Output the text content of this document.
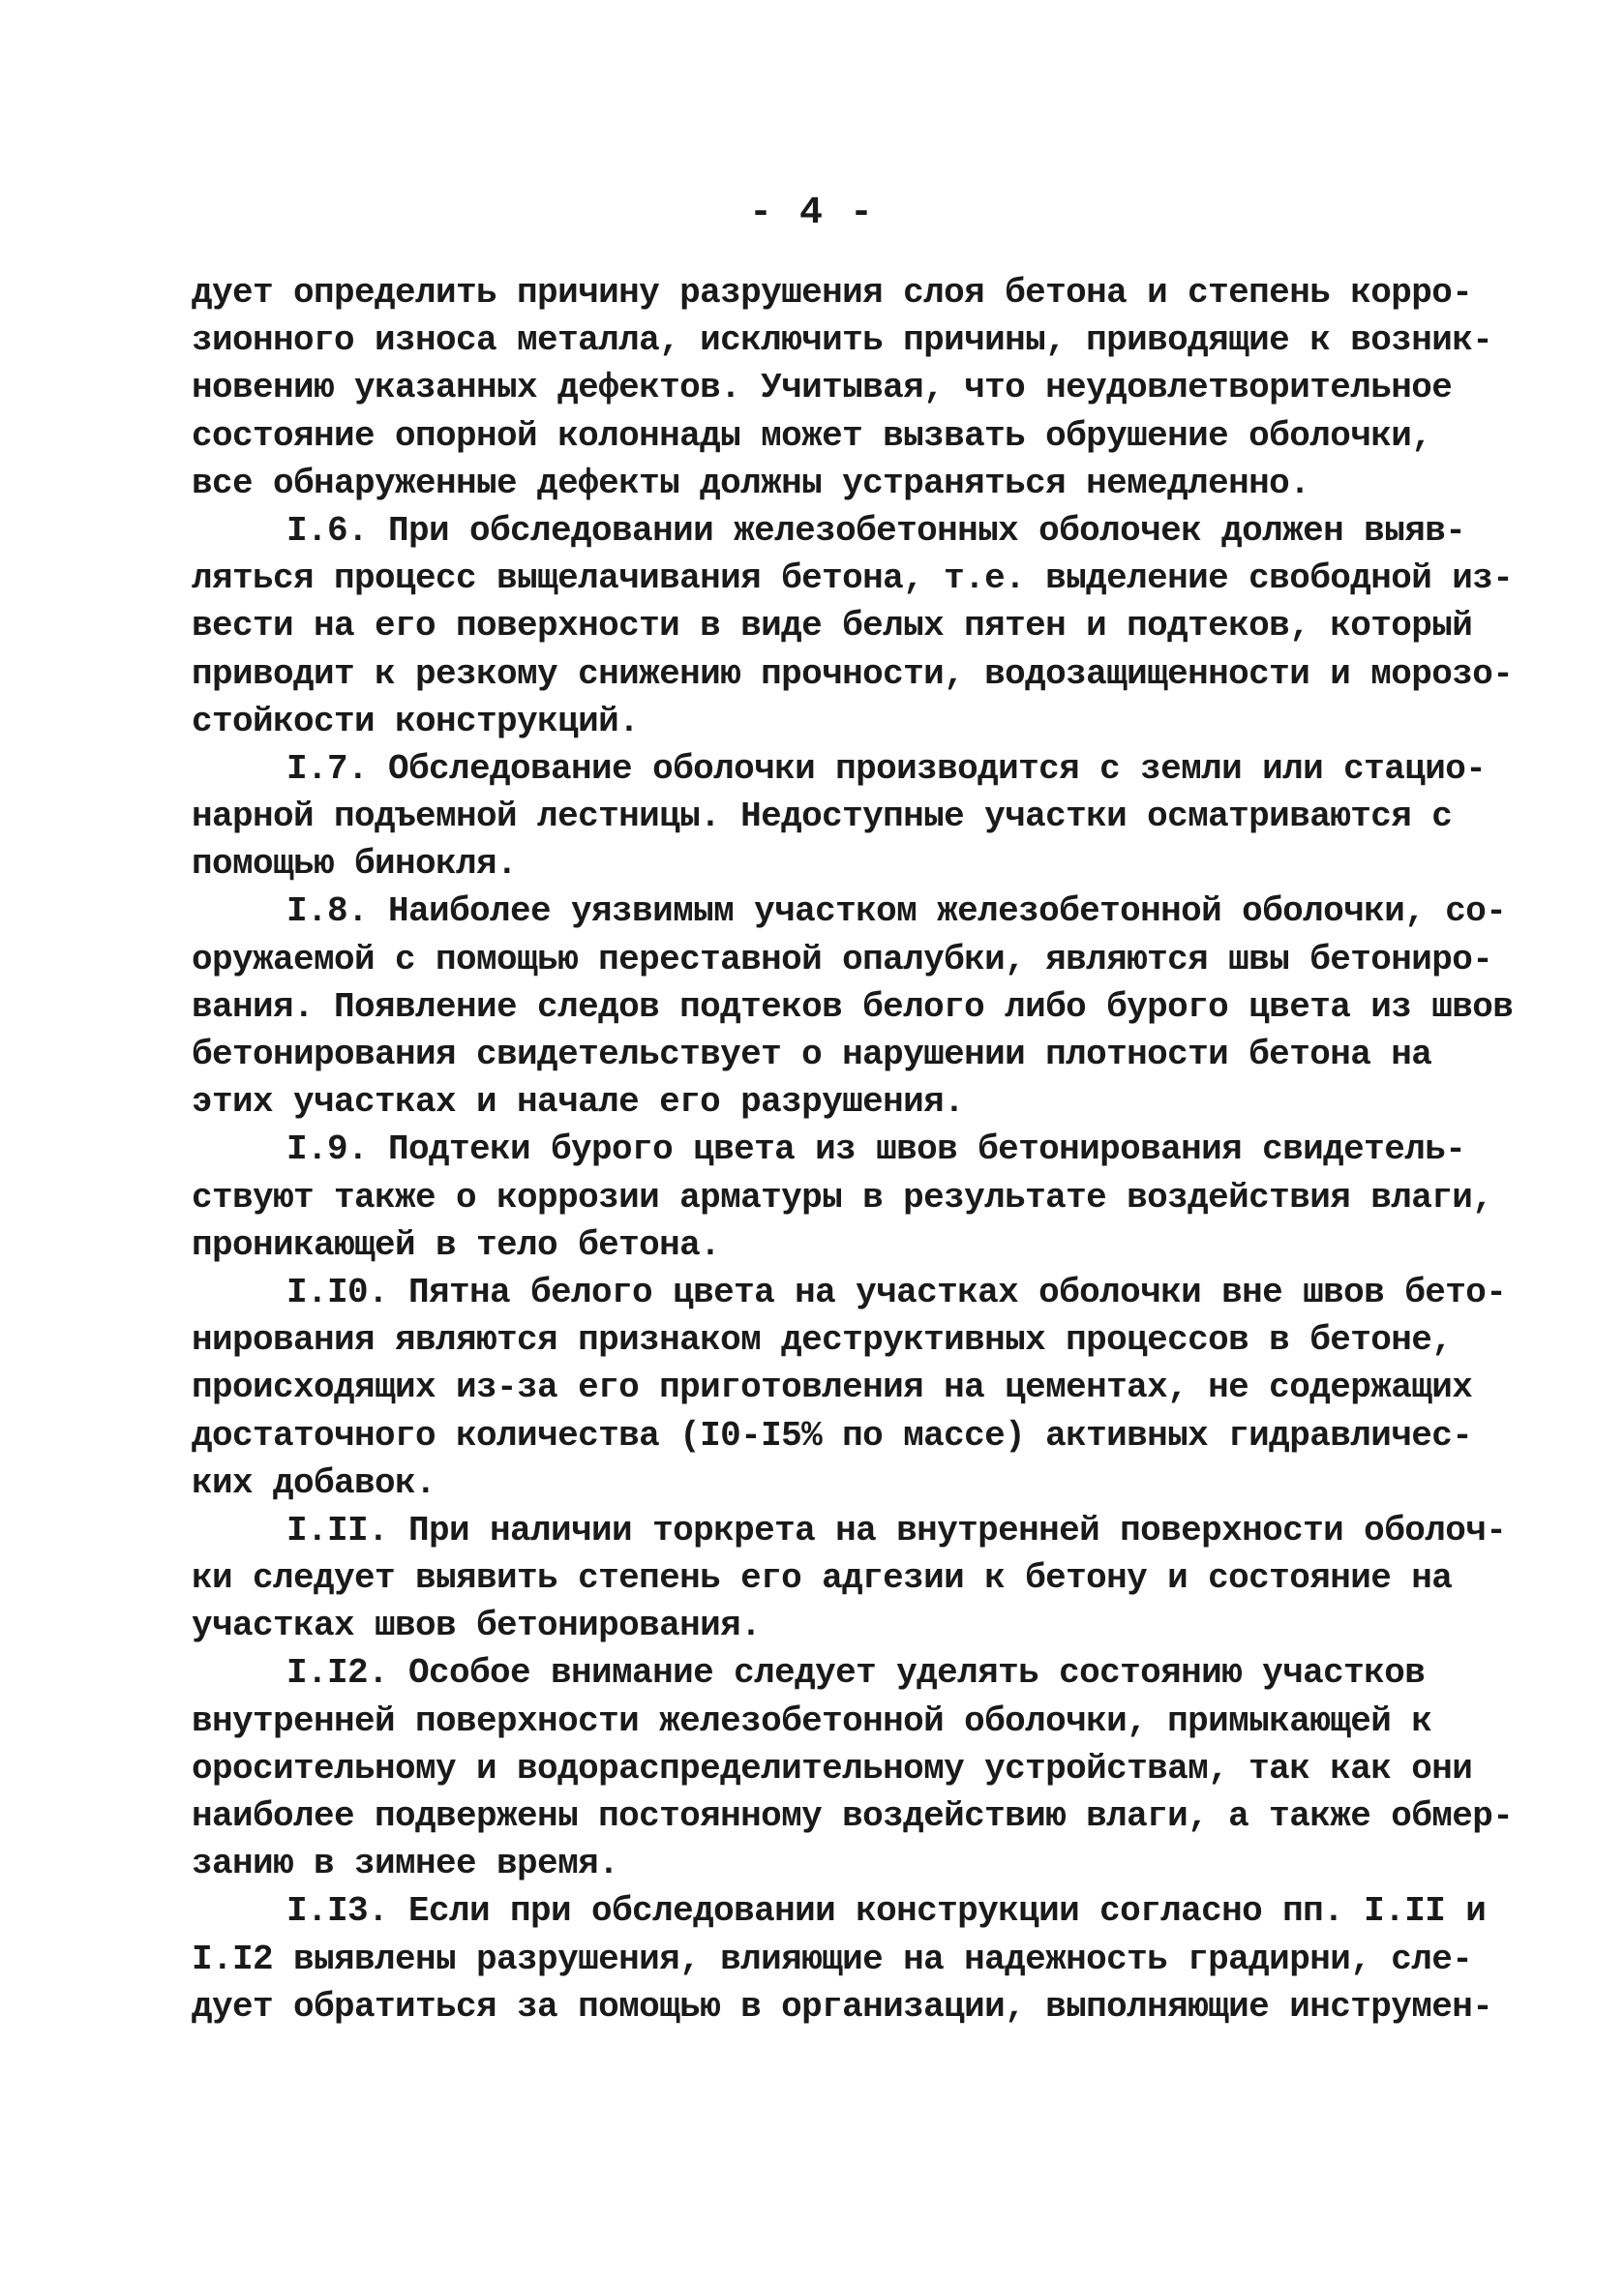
- 4 -
дует определить причину разрушения слоя бетона и степень корро-
зионного износа металла, исключить причины, приводящие к возник-
новению указанных дефектов. Учитывая, что неудовлетворительное
состояние опорной колоннады может вызвать обрушение оболочки,
все обнаруженные дефекты должны устраняться немедленно.
I.6. При обследовании железобетонных оболочек должен выяв-
ляться процесс выщелачивания бетона, т.е. выделение свободной из-
вести на его поверхности в виде белых пятен и подтеков, который
приводит к резкому снижению прочности, водозащищенности и морозо-
стойкости конструкций.
I.7. Обследование оболочки производится с земли или стацио-
нарной подъемной лестницы. Недоступные участки осматриваются с
помощью бинокля.
I.8. Наиболее уязвимым участком железобетонной оболочки, со-
оружаемой с помощью переставной опалубки, являются швы бетониро-
вания. Появление следов подтеков белого либо бурого цвета из швов
бетонирования свидетельствует о нарушении плотности бетона на
этих участках и начале его разрушения.
I.9. Подтеки бурого цвета из швов бетонирования свидетель-
ствуют также о коррозии арматуры в результате воздействия влаги,
проникающей в тело бетона.
I.I0. Пятна белого цвета на участках оболочки вне швов бето-
нирования являются признаком деструктивных процессов в бетоне,
происходящих из-за его приготовления на цементах, не содержащих
достаточного количества (I0-I5% по массе) активных гидравличес-
ких добавок.
I.II. При наличии торкрета на внутренней поверхности оболоч-
ки следует выявить степень его адгезии к бетону и состояние на
участках швов бетонирования.
I.I2. Особое внимание следует уделять состоянию участков
внутренней поверхности железобетонной оболочки, примыкающей к
оросительному и водораспределительному устройствам, так как они
наиболее подвержены постоянному воздействию влаги, а также обмер-
занию в зимнее время.
I.I3. Если при обследовании конструкции согласно пп. I.II и
I.I2 выявлены разрушения, влияющие на надежность градирни, сле-
дует обратиться за помощью в организации, выполняющие инструмен-
